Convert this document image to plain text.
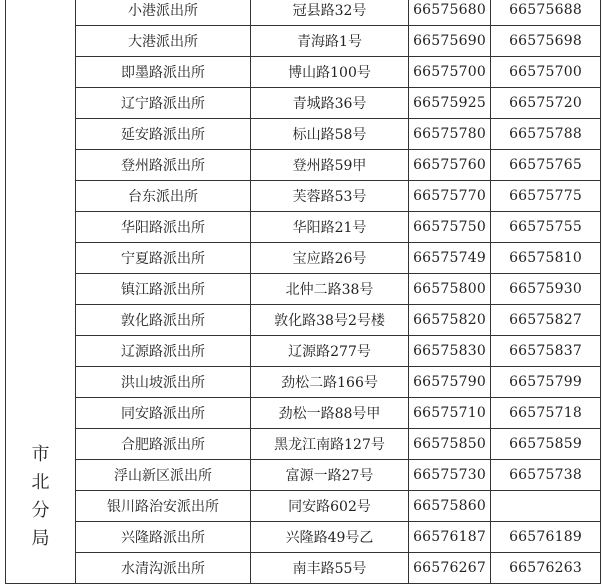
市北分局	小港派出所	冠县路32号	66575680	66575688
	大港派出所	青海路1号	66575690	66575698
	即墨路派出所	博山路100号	66575700	66575700
	辽宁路派出所	青城路36号	66575925	66575720
	延安路派出所	标山路58号	66575780	66575788
	登州路派出所	登州路59甲	66575760	66575765
	台东派出所	芙蓉路53号	66575770	66575775
	华阳路派出所	华阳路21号	66575750	66575755
	宁夏路派出所	宝应路26号	66575749	66575810
	镇江路派出所	北仲二路38号	66575800	66575930
	敦化路派出所	敦化路38号2号楼	66575820	66575827
	辽源路派出所	辽源路277号	66575830	66575837
	洪山坡派出所	劲松二路166号	66575790	66575799
	同安路派出所	劲松一路88号甲	66575710	66575718
	合肥路派出所	黑龙江南路127号	66575850	66575859
	浮山新区派出所	富源一路27号	66575730	66575738
	银川路治安派出所	同安路602号	66575860	
	兴隆路派出所	兴隆路49号乙	66576187	66576189
	水清沟派出所	南丰路55号	66576267	66576263
